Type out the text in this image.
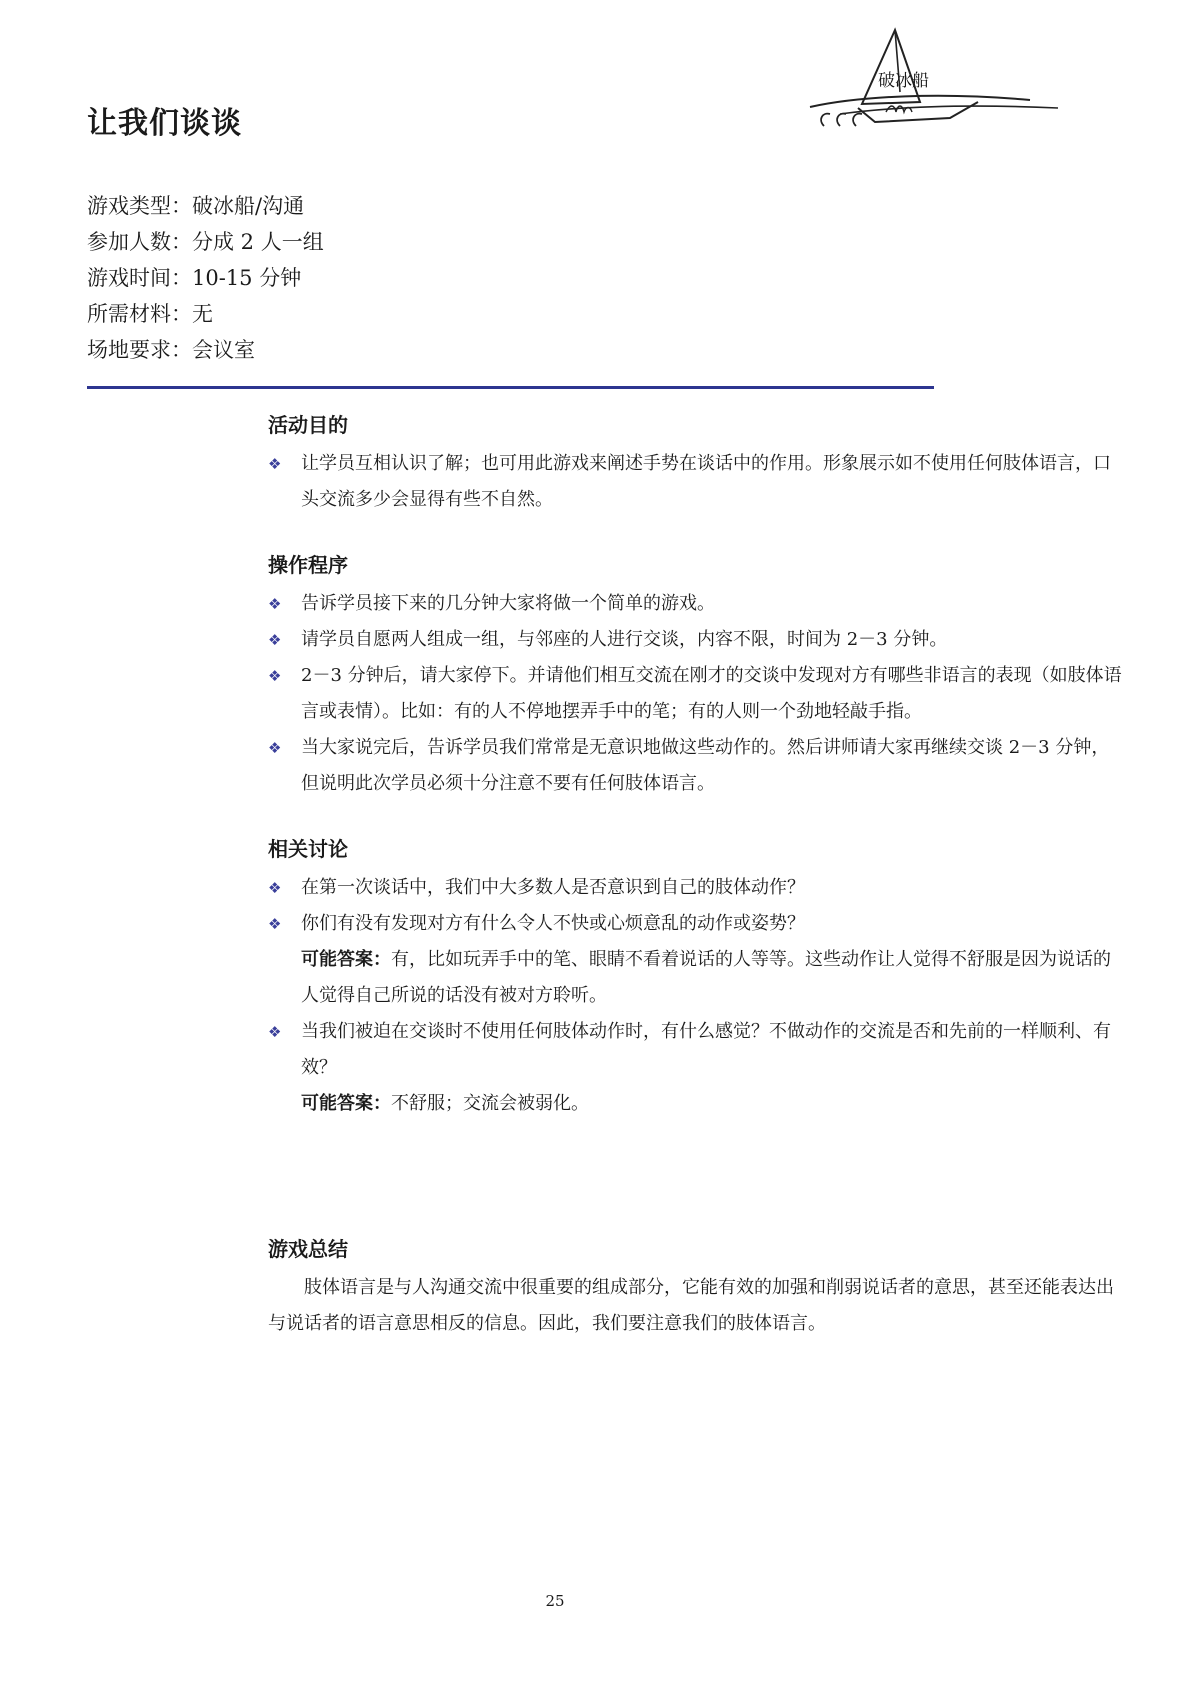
让我们谈谈
破冰船
游戏类型：破冰船/沟通
参加人数：分成 2 人一组
游戏时间：10-15 分钟
所需材料：无
场地要求：会议室
活动目的
❖ 让学员互相认识了解；也可用此游戏来阐述手势在谈话中的作用。形象展示如不使用任何肢体语言，口头交流多少会显得有些不自然。
操作程序
❖ 告诉学员接下来的几分钟大家将做一个简单的游戏。
❖ 请学员自愿两人组成一组，与邻座的人进行交谈，内容不限，时间为 2－3 分钟。
❖ 2－3 分钟后，请大家停下。并请他们相互交流在刚才的交谈中发现对方有哪些非语言的表现（如肢体语言或表情）。比如：有的人不停地摆弄手中的笔；有的人则一个劲地轻敲手指。
❖ 当大家说完后，告诉学员我们常常是无意识地做这些动作的。然后讲师请大家再继续交谈 2－3 分钟，但说明此次学员必须十分注意不要有任何肢体语言。
相关讨论
❖ 在第一次谈话中，我们中大多数人是否意识到自己的肢体动作？
❖ 你们有没有发现对方有什么令人不快或心烦意乱的动作或姿势？
可能答案：有，比如玩弄手中的笔、眼睛不看着说话的人等等。这些动作让人觉得不舒服是因为说话的人觉得自己所说的话没有被对方聆听。
❖ 当我们被迫在交谈时不使用任何肢体动作时，有什么感觉？不做动作的交流是否和先前的一样顺利、有效？
可能答案：不舒服；交流会被弱化。
游戏总结

肢体语言是与人沟通交流中很重要的组成部分，它能有效的加强和削弱说话者的意思，甚至还能表达出与说话者的语言意思相反的信息。因此，我们要注意我们的肢体语言。

25
